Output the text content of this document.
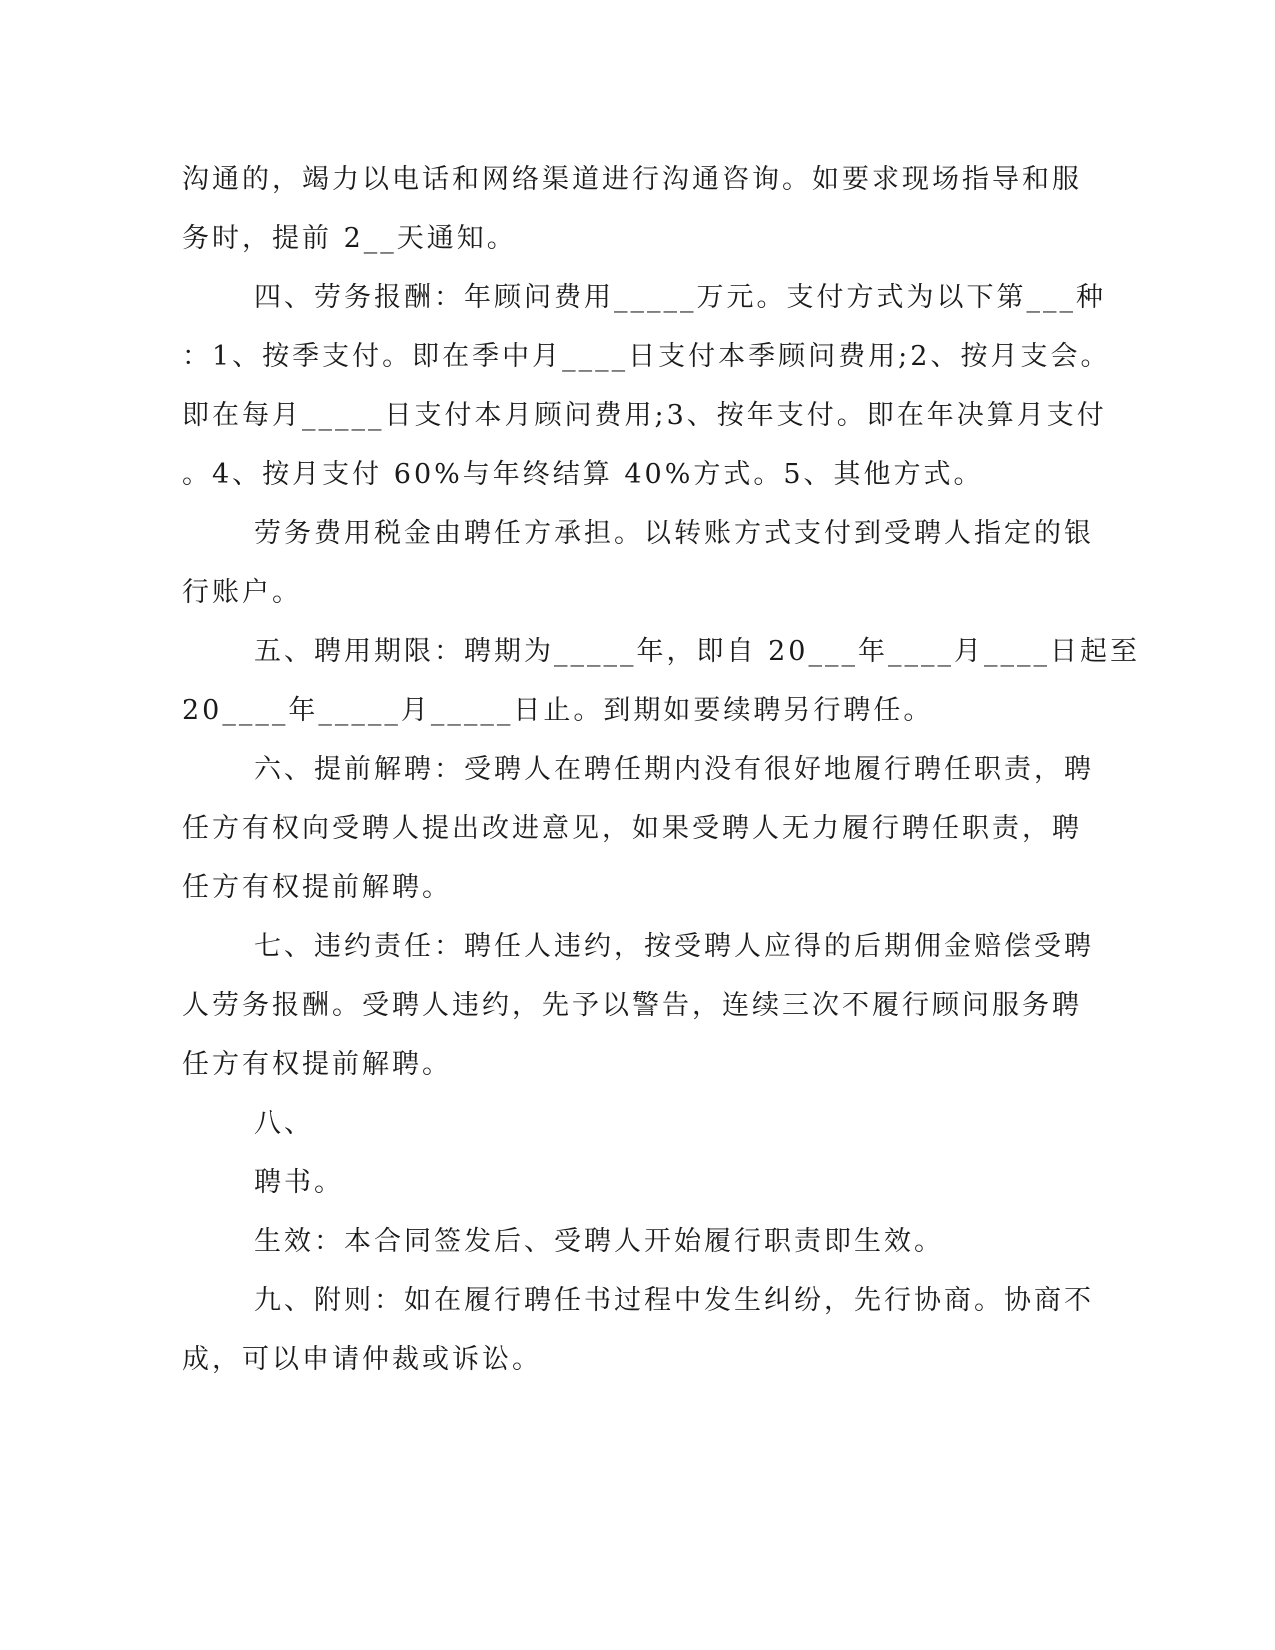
沟通的，竭力以电话和网络渠道进行沟通咨询。如要求现场指导和服
务时，提前 2__天通知。
四、劳务报酬：年顾问费用_____万元。支付方式为以下第___种
：1、按季支付。即在季中月____日支付本季顾问费用;2、按月支会。
即在每月_____日支付本月顾问费用;3、按年支付。即在年决算月支付
。4、按月支付 60%与年终结算 40%方式。5、其他方式。
劳务费用税金由聘任方承担。以转账方式支付到受聘人指定的银
行账户。
五、聘用期限：聘期为_____年，即自 20___年____月____日起至
20____年_____月_____日止。到期如要续聘另行聘任。
六、提前解聘：受聘人在聘任期内没有很好地履行聘任职责，聘
任方有权向受聘人提出改进意见，如果受聘人无力履行聘任职责，聘
任方有权提前解聘。
七、违约责任：聘任人违约，按受聘人应得的后期佣金赔偿受聘
人劳务报酬。受聘人违约，先予以警告，连续三次不履行顾问服务聘
任方有权提前解聘。
八、
聘书。
生效：本合同签发后、受聘人开始履行职责即生效。
九、附则：如在履行聘任书过程中发生纠纷，先行协商。协商不
成，可以申请仲裁或诉讼。
